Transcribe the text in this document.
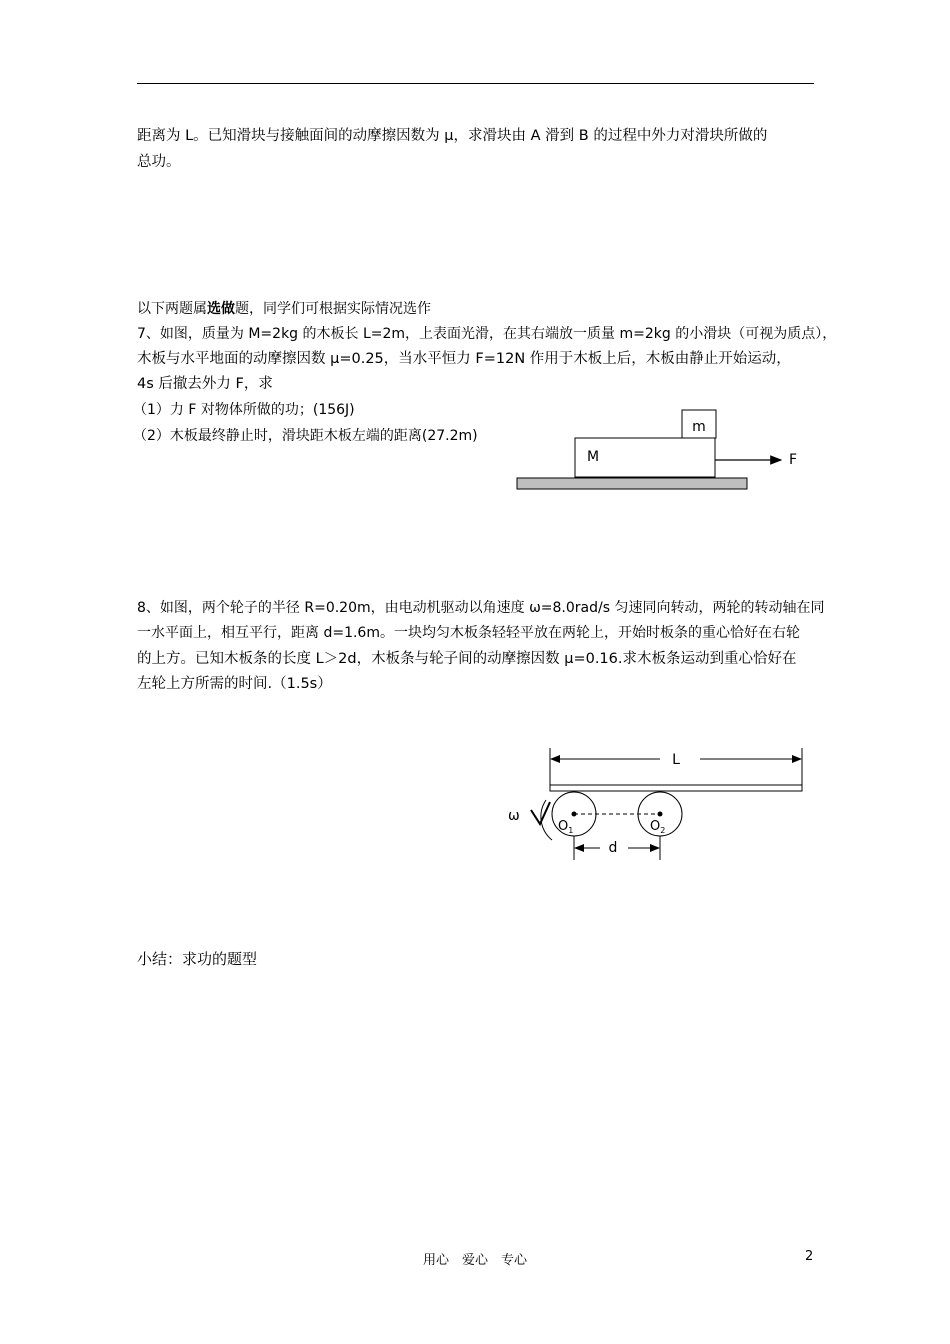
距离为 L。已知滑块与接触面间的动摩擦因数为 μ，求滑块由 A 滑到 B 的过程中外力对滑块所做的
总功。
以下两题属选做题，同学们可根据实际情况选作
7、如图，质量为 M=2kg 的木板长 L=2m，上表面光滑，在其右端放一质量 m=2kg 的小滑块（可视为质点），
木板与水平地面的动摩擦因数 μ=0.25，当水平恒力 F=12N 作用于木板上后，木板由静止开始运动，
4s 后撤去外力 F，求
（1）力 F 对物体所做的功；(156J)
（2）木板最终静止时，滑块距木板左端的距离(27.2m)
m
M	F
8、如图，两个轮子的半径 R=0.20m，由电动机驱动以角速度 ω=8.0rad/s 匀速同向转动，两轮的转动轴在同
一水平面上，相互平行，距离 d=1.6m。一块均匀木板条轻轻平放在两轮上，开始时板条的重心恰好在右轮
的上方。已知木板条的长度 L＞2d，木板条与轮子间的动摩擦因数 μ=0.16.求木板条运动到重心恰好在
左轮上方所需的时间.（1.5s）
L
$O_1$	$O_2$
ω
d
小结：求功的题型
用心　爱心　专心	2
